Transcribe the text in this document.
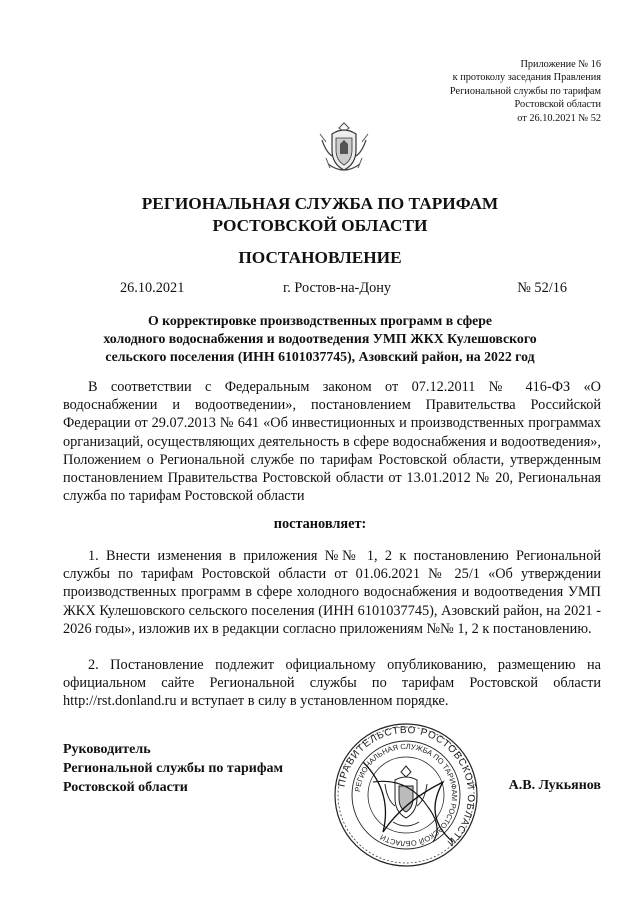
Приложение № 16
к протоколу заседания Правления
Региональной службы по тарифам
Ростовской области
от 26.10.2021 № 52
РЕГИОНАЛЬНАЯ СЛУЖБА ПО ТАРИФАМ
РОСТОВСКОЙ ОБЛАСТИ
ПОСТАНОВЛЕНИЕ
26.10.2021	г. Ростов-на-Дону	№ 52/16
О корректировке производственных программ в сфере
холодного водоснабжения и водоотведения УМП ЖКХ Кулешовского
сельского поселения (ИНН 6101037745), Азовский район, на 2022 год
В соответствии с Федеральным законом от 07.12.2011 № 416-ФЗ «О водоснабжении и водоотведении», постановлением Правительства Российской Федерации от 29.07.2013 № 641 «Об инвестиционных и производственных программах организаций, осуществляющих деятельность в сфере водоснабжения и водоотведения», Положением о Региональной службе по тарифам Ростовской области, утвержденным постановлением Правительства Ростовской области от 13.01.2012 № 20, Региональная служба по тарифам Ростовской области
постановляет:
1. Внести изменения в приложения №№ 1, 2 к постановлению Региональной службы по тарифам Ростовской области от 01.06.2021 № 25/1 «Об утверждении производственных программ в сфере холодного водоснабжения и водоотведения УМП ЖКХ Кулешовского сельского поселения (ИНН 6101037745), Азовский район, на 2021 - 2026 годы», изложив их в редакции согласно приложениям №№ 1, 2 к постановлению.
2. Постановление подлежит официальному опубликованию, размещению на официальном сайте Региональной службы по тарифам Ростовской области http://rst.donland.ru и вступает в силу в установленном порядке.
Руководитель
Региональной службы по тарифам
Ростовской области	ПРАВИТЕЛЬСТВО РОСТОВСКОЙ ОБЛАСТИ
РЕГИОНАЛЬНАЯ СЛУЖБА ПО ТАРИФАМ РОСТОВСКОЙ ОБЛАСТИ
А.В. Лукьянов
